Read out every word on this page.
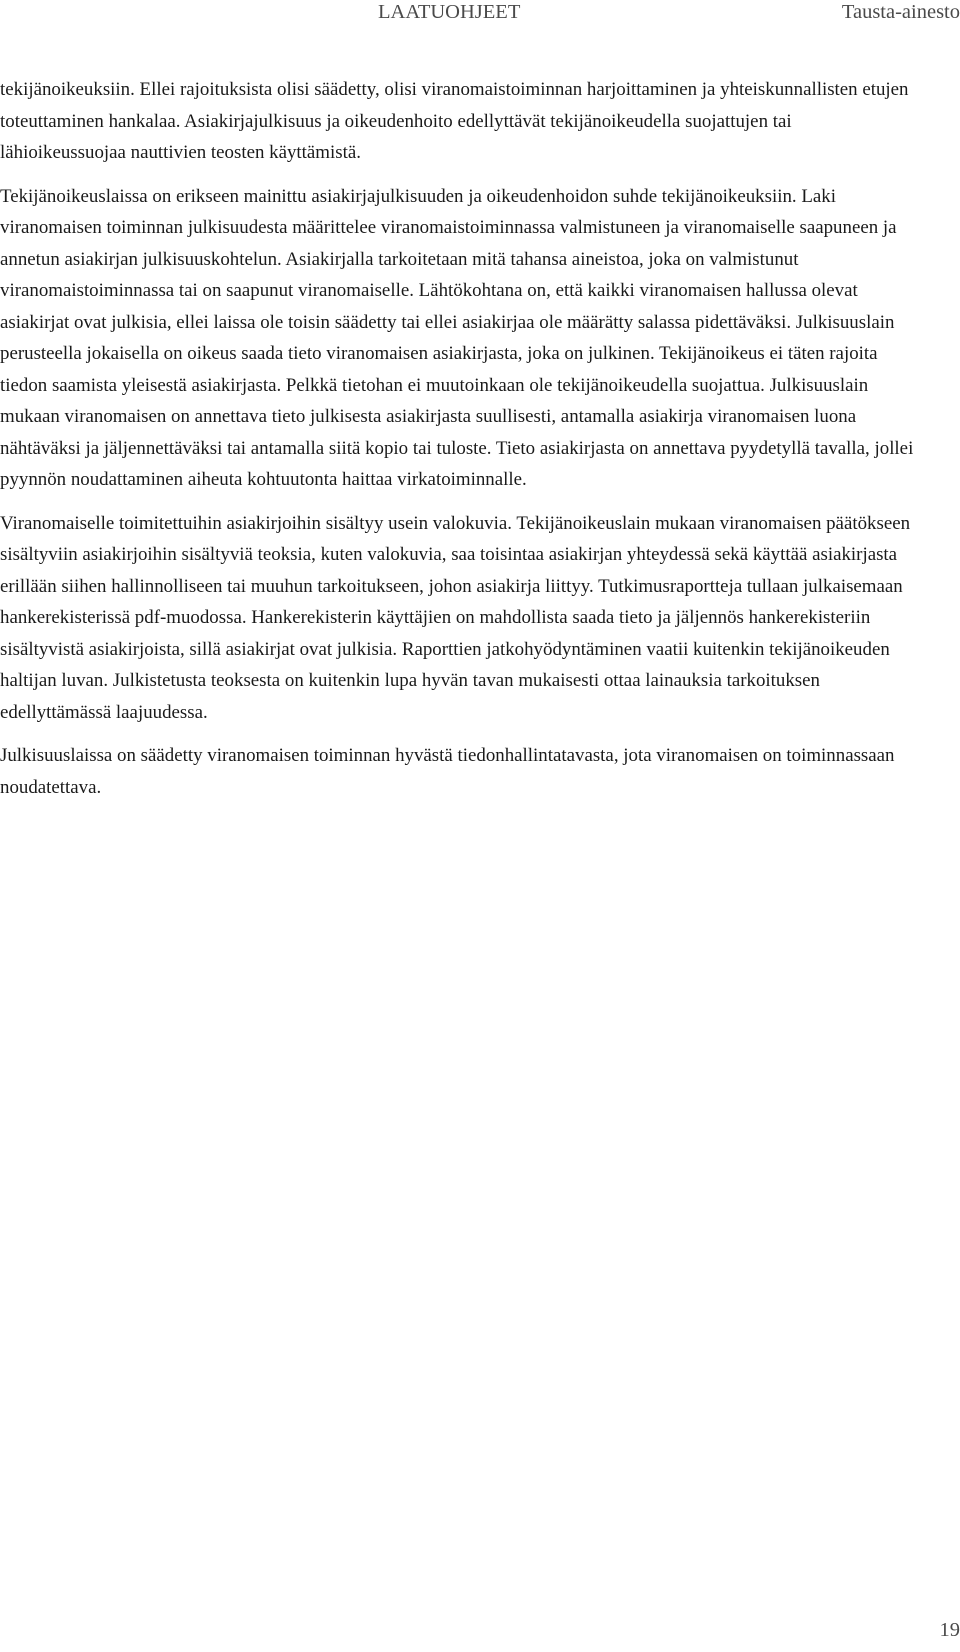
LAATUOHJEET	Tausta-ainesto

tekijänoikeuksiin. Ellei rajoituksista olisi säädetty, olisi viranomaistoiminnan harjoittaminen ja yhteiskunnallisten etujen toteuttaminen hankalaa. Asiakirjajulkisuus ja oikeudenhoito edellyttävät tekijänoikeudella suojattujen tai lähioikeussuojaa nauttivien teosten käyttämistä.

Tekijänoikeuslaissa on erikseen mainittu asiakirjajulkisuuden ja oikeudenhoidon suhde tekijänoikeuksiin. Laki viranomaisen toiminnan julkisuudesta määrittelee viranomaistoiminnassa valmistuneen ja viranomaiselle saapuneen ja annetun asiakirjan julkisuuskohtelun. Asiakirjalla tarkoitetaan mitä tahansa aineistoa, joka on valmistunut viranomaistoiminnassa tai on saapunut viranomaiselle. Lähtökohtana on, että kaikki viranomaisen hallussa olevat asiakirjat ovat julkisia, ellei laissa ole toisin säädetty tai ellei asiakirjaa ole määrätty salassa pidettäväksi. Julkisuuslain perusteella jokaisella on oikeus saada tieto viranomaisen asiakirjasta, joka on julkinen. Tekijänoikeus ei täten rajoita tiedon saamista yleisestä asiakirjasta. Pelkkä tietohan ei muutoinkaan ole tekijänoikeudella suojattua. Julkisuuslain mukaan viranomaisen on annettava tieto julkisesta asiakirjasta suullisesti, antamalla asiakirja viranomaisen luona nähtäväksi ja jäljennettäväksi tai antamalla siitä kopio tai tuloste. Tieto asiakirjasta on annettava pyydetyllä tavalla, jollei pyynnön noudattaminen aiheuta kohtuutonta haittaa virkatoiminnalle.

Viranomaiselle toimitettuihin asiakirjoihin sisältyy usein valokuvia. Tekijänoikeuslain mukaan viranomaisen päätökseen sisältyviin asiakirjoihin sisältyviä teoksia, kuten valokuvia, saa toisintaa asiakirjan yhteydessä sekä käyttää asiakirjasta erillään siihen hallinnolliseen tai muuhun tarkoitukseen, johon asiakirja liittyy. Tutkimusraportteja tullaan julkaisemaan hankerekisterissä pdf-muodossa. Hankerekisterin käyttäjien on mahdollista saada tieto ja jäljennös hankerekisteriin sisältyvistä asiakirjoista, sillä asiakirjat ovat julkisia. Raporttien jatkohyödyntäminen vaatii kuitenkin tekijänoikeuden haltijan luvan. Julkistetusta teoksesta on kuitenkin lupa hyvän tavan mukaisesti ottaa lainauksia tarkoituksen edellyttämässä laajuudessa.

Julkisuuslaissa on säädetty viranomaisen toiminnan hyvästä tiedonhallintatavasta, jota viranomaisen on toiminnassaan noudatettava.

19
